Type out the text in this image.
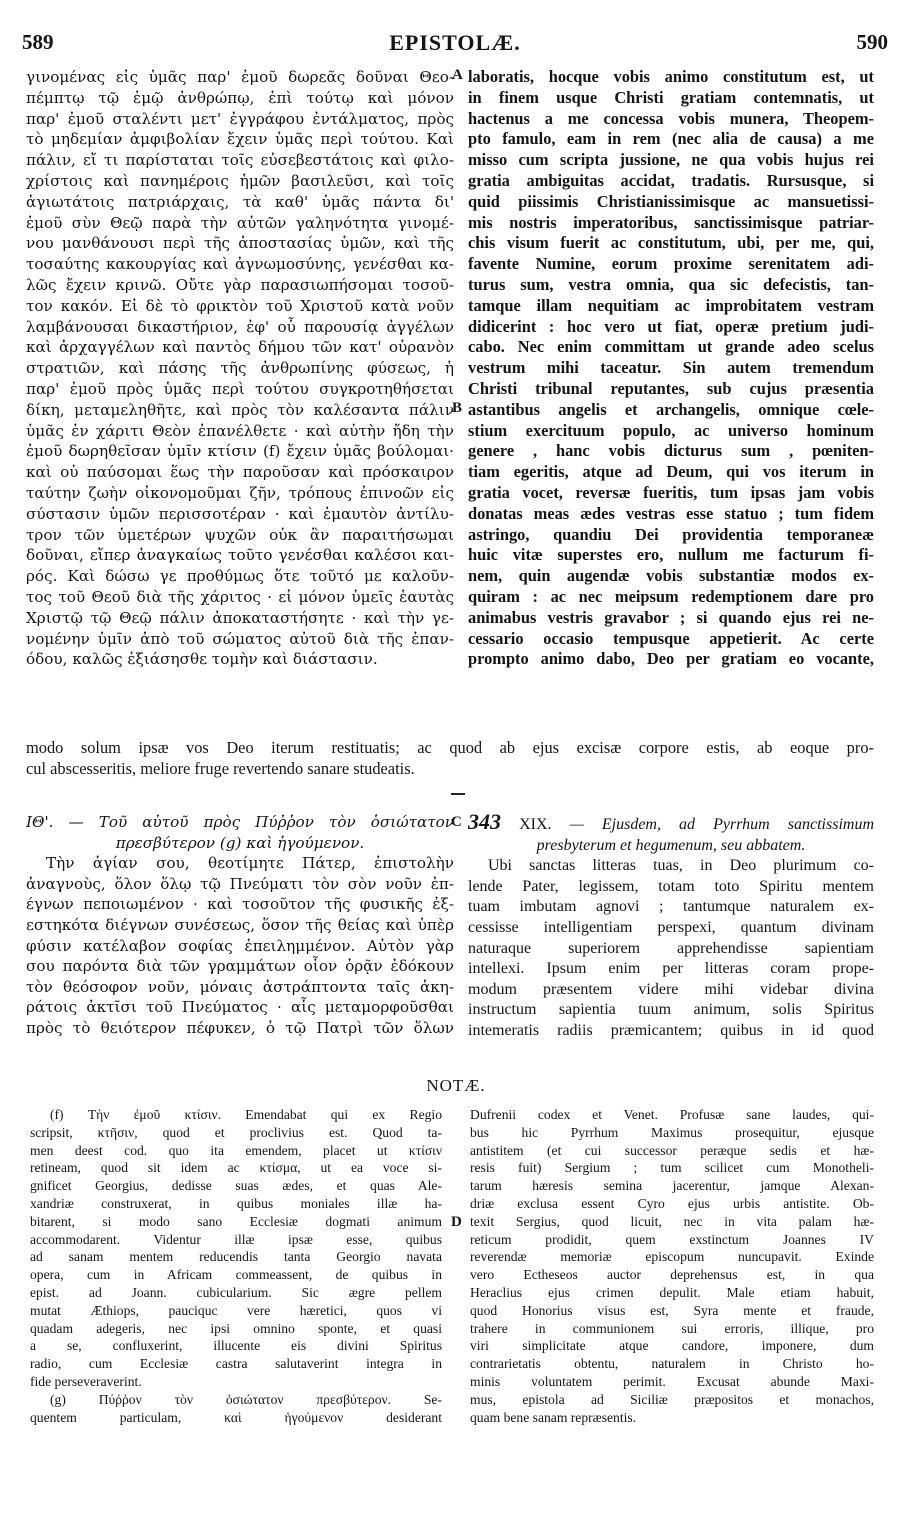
589	EPISTOLÆ.	590
γινομένας εἰς ὑμᾶς παρ' ἐμοῦ δωρεᾶς δοῦναι Θεο-
πέμπτῳ τῷ ἐμῷ ἀνθρώπῳ, ἐπὶ τούτῳ καὶ μόνον
παρ' ἐμοῦ σταλέντι μετ' ἐγγράφου ἐντάλματος, πρὸς
τὸ μηδεμίαν ἀμφιβολίαν ἔχειν ὑμᾶς περὶ τούτου. Καὶ
πάλιν, εἴ τι παρίσταται τοῖς εὐσεβεστάτοις καὶ φιλο-
χρίστοις καὶ πανημέροις ἡμῶν βασιλεῦσι, καὶ τοῖς
ἁγιωτάτοις πατριάρχαις, τὰ καθ' ὑμᾶς πάντα δι'
ἐμοῦ σὺν Θεῷ παρὰ τὴν αὐτῶν γαληνότητα γινομέ-
νου μανθάνουσι περὶ τῆς ἀποστασίας ὑμῶν, καὶ τῆς
τοσαύτης κακουργίας καὶ ἀγνωμοσύνης, γενέσθαι κα-
λῶς ἔχειν κρινῶ. Οὔτε γὰρ παρασιωπήσομαι τοσοῦ-
τον κακόν. Εἰ δὲ τὸ φρικτὸν τοῦ Χριστοῦ κατὰ νοῦν
λαμβάνουσαι δικαστήριον, ἐφ' οὗ παρουσίᾳ ἀγγέλων
καὶ ἀρχαγγέλων καὶ παντὸς δήμου τῶν κατ' οὐρανὸν
στρατιῶν, καὶ πάσης τῆς ἀνθρωπίνης φύσεως, ἡ
παρ' ἐμοῦ πρὸς ὑμᾶς περὶ τούτου συγκροτηθήσεται
δίκη, μεταμεληθῆτε, καὶ πρὸς τὸν καλέσαντα πάλιν
ὑμᾶς ἐν χάριτι Θεὸν ἐπανέλθετε · καὶ αὐτὴν ἤδη τὴν
ἐμοῦ δωρηθεῖσαν ὑμῖν κτίσιν (f) ἔχειν ὑμᾶς βούλομαι·
καὶ οὐ παύσομαι ἕως τὴν παροῦσαν καὶ πρόσκαιρον
ταύτην ζωὴν οἰκονομοῦμαι ζῆν, τρόπους ἐπινοῶν εἰς
σύστασιν ὑμῶν περισσοτέραν · καὶ ἐμαυτὸν ἀντίλυ-
τρον τῶν ὑμετέρων ψυχῶν οὐκ ἂν παραιτήσωμαι
δοῦναι, εἴπερ ἀναγκαίως τοῦτο γενέσθαι καλέσοι και-
ρός. Καὶ δώσω γε προθύμως ὅτε τοῦτό με καλοῦν-
τος τοῦ Θεοῦ διὰ τῆς χάριτος · εἰ μόνον ὑμεῖς ἑαυτὰς
Χριστῷ τῷ Θεῷ πάλιν ἀποκαταστήσητε · καὶ τὴν γε-
νομένην ὑμῖν ἀπὸ τοῦ σώματος αὐτοῦ διὰ τῆς ἐπαν-
όδου, καλῶς ἐξιάσησθε τομὴν καὶ διάστασιν.
laboratis, hocque vobis animo constitutum est, ut
in finem usque Christi gratiam contemnatis, ut
hactenus a me concessa vobis munera, Theopem-
pto famulo, eam in rem (nec alia de causa) a me
misso cum scripta jussione, ne qua vobis hujus rei
gratia ambiguitas accidat, tradatis. Rursusque, si
quid piissimis Christianissimisque ac mansuetissi-
mis nostris imperatoribus, sanctissimisque patriar-
chis visum fuerit ac constitutum, ubi, per me, qui,
favente Numine, eorum proxime serenitatem adi-
turus sum, vestra omnia, qua sic defecistis, tan-
tamque illam nequitiam ac improbitatem vestram
didicerint : hoc vero ut fiat, operæ pretium judi-
cabo. Nec enim committam ut grande adeo scelus
vestrum mihi taceatur. Sin autem tremendum
Christi tribunal reputantes, sub cujus præsentia
astantibus angelis et archangelis, omnique cœle-
stium exercituum populo, ac universo hominum
genere , hanc vobis dicturus sum , pœniten-
tiam egeritis, atque ad Deum, qui vos iterum in
gratia vocet, reversæ fueritis, tum ipsas jam vobis
donatas meas ædes vestras esse statuo ; tum fidem
astringo, quandiu Dei providentia temporaneæ
huic vitæ superstes ero, nullum me facturum fi-
nem, quin augendæ vobis substantiæ modos ex-
quiram : ac nec meipsum redemptionem dare pro
animabus vestris gravabor ; si quando ejus rei ne-
cessario occasio tempusque appetierit. Ac certe
prompto animo dabo, Deo per gratiam eo vocante,
A
B
C
D
modo solum ipsæ vos Deo iterum restituatis; ac quod ab ejus excisæ corpore estis, ab eoque pro-
cul abscesseritis, meliore fruge revertendo sanare studeatis.
ΙΘ'. — Τοῦ αὐτοῦ πρὸς Πύῤῥον τὸν ὁσιώτατον
πρεσβύτερον (g) καὶ ἡγούμενον.
Τὴν ἁγίαν σου, θεοτίμητε Πάτερ, ἐπιστολὴν
ἀναγνοὺς, ὅλον ὅλῳ τῷ Πνεύματι τὸν σὸν νοῦν ἐπ-
έγνων πεποιωμένον · καὶ τοσοῦτον τῆς φυσικῆς ἐξ-
εστηκότα διέγνων συνέσεως, ὅσον τῆς θείας καὶ ὑπὲρ
φύσιν κατέλαβον σοφίας ἐπειλημμένον. Αὐτὸν γὰρ
σου παρόντα διὰ τῶν γραμμάτων οἷον ὁρᾷν ἐδόκουν
τὸν θεόσοφον νοῦν, μόναις ἀστράπτοντα ταῖς ἀκη-
ράτοις ἀκτῖσι τοῦ Πνεύματος · αἷς μεταμορφοῦσθαι
πρὸς τὸ θειότερον πέφυκεν, ὁ τῷ Πατρὶ τῶν ὅλων
343 XIX. — Ejusdem, ad Pyrrhum sanctissimum
presbyterum et hegumenum, seu abbatem.
Ubi sanctas litteras tuas, in Deo plurimum co-
lende Pater, legissem, totam toto Spiritu mentem
tuam imbutam agnovi ; tantumque naturalem ex-
cessisse intelligentiam perspexi, quantum divinam
naturaque superiorem apprehendisse sapientiam
intellexi. Ipsum enim per litteras coram prope-
modum præsentem videre mihi videbar divina
instructum sapientia tuum animum, solis Spiritus
intemeratis radiis præmicantem; quibus in id quod
NOTÆ.
(f) Τὴν ἐμοῦ κτίσιν. Emendabat qui ex Regio
scripsit, κτῆσιν, quod et proclivius est. Quod ta-
men deest cod. quo ita emendem, placet ut κτίσιν
retineam, quod sit idem ac κτίσμα, ut ea voce si-
gnificet Georgius, dedisse suas ædes, et quas Ale-
xandriæ construxerat, in quibus moniales illæ ha-
bitarent, si modo sano Ecclesiæ dogmati animum
accommodarent. Videntur illæ ipsæ esse, quibus
ad sanam mentem reducendis tanta Georgio navata
opera, cum in Africam commeassent, de quibus in
epist. ad Joann. cubicularium. Sic ægre pellem
mutat Æthiops, pauciquc vere hæretici, quos vi
quadam adegeris, nec ipsi omnino sponte, et quasi
a se, confluxerint, illucente eis divini Spiritus
radio, cum Ecclesiæ castra salutaverint integra in
fide perseveraverint.
(g) Πύῤῥον τὸν ὁσιώτατον πρεσβύτερον. Se-
quentem particulam, καὶ ἡγούμενον desiderant
Dufrenii codex et Venet. Profusæ sane laudes, qui-
bus hic Pyrrhum Maximus prosequitur, ejusque
antistitem (et cui successor peræque sedis et hæ-
resis fuit) Sergium ; tum scilicet cum Monotheli-
tarum hæresis semina jacerentur, jamque Alexan-
driæ exclusa essent Cyro ejus urbis antistite. Ob-
texit Sergius, quod licuit, nec in vita palam hæ-
reticum prodidit, quem exstinctum Joannes IV
reverendæ memoriæ episcopum nuncupavit. Exinde
vero Ectheseos auctor deprehensus est, in qua
Heraclius ejus crimen depulit. Male etiam habuit,
quod Honorius visus est, Syra mente et fraude,
trahere in communionem sui erroris, illique, pro
viri simplicitate atque candore, imponere, dum
contrarietatis obtentu, naturalem in Christo ho-
minis voluntatem perimit. Excusat abunde Maxi-
mus, epistola ad Siciliæ præpositos et monachos,
quam bene sanam repræsentis.
